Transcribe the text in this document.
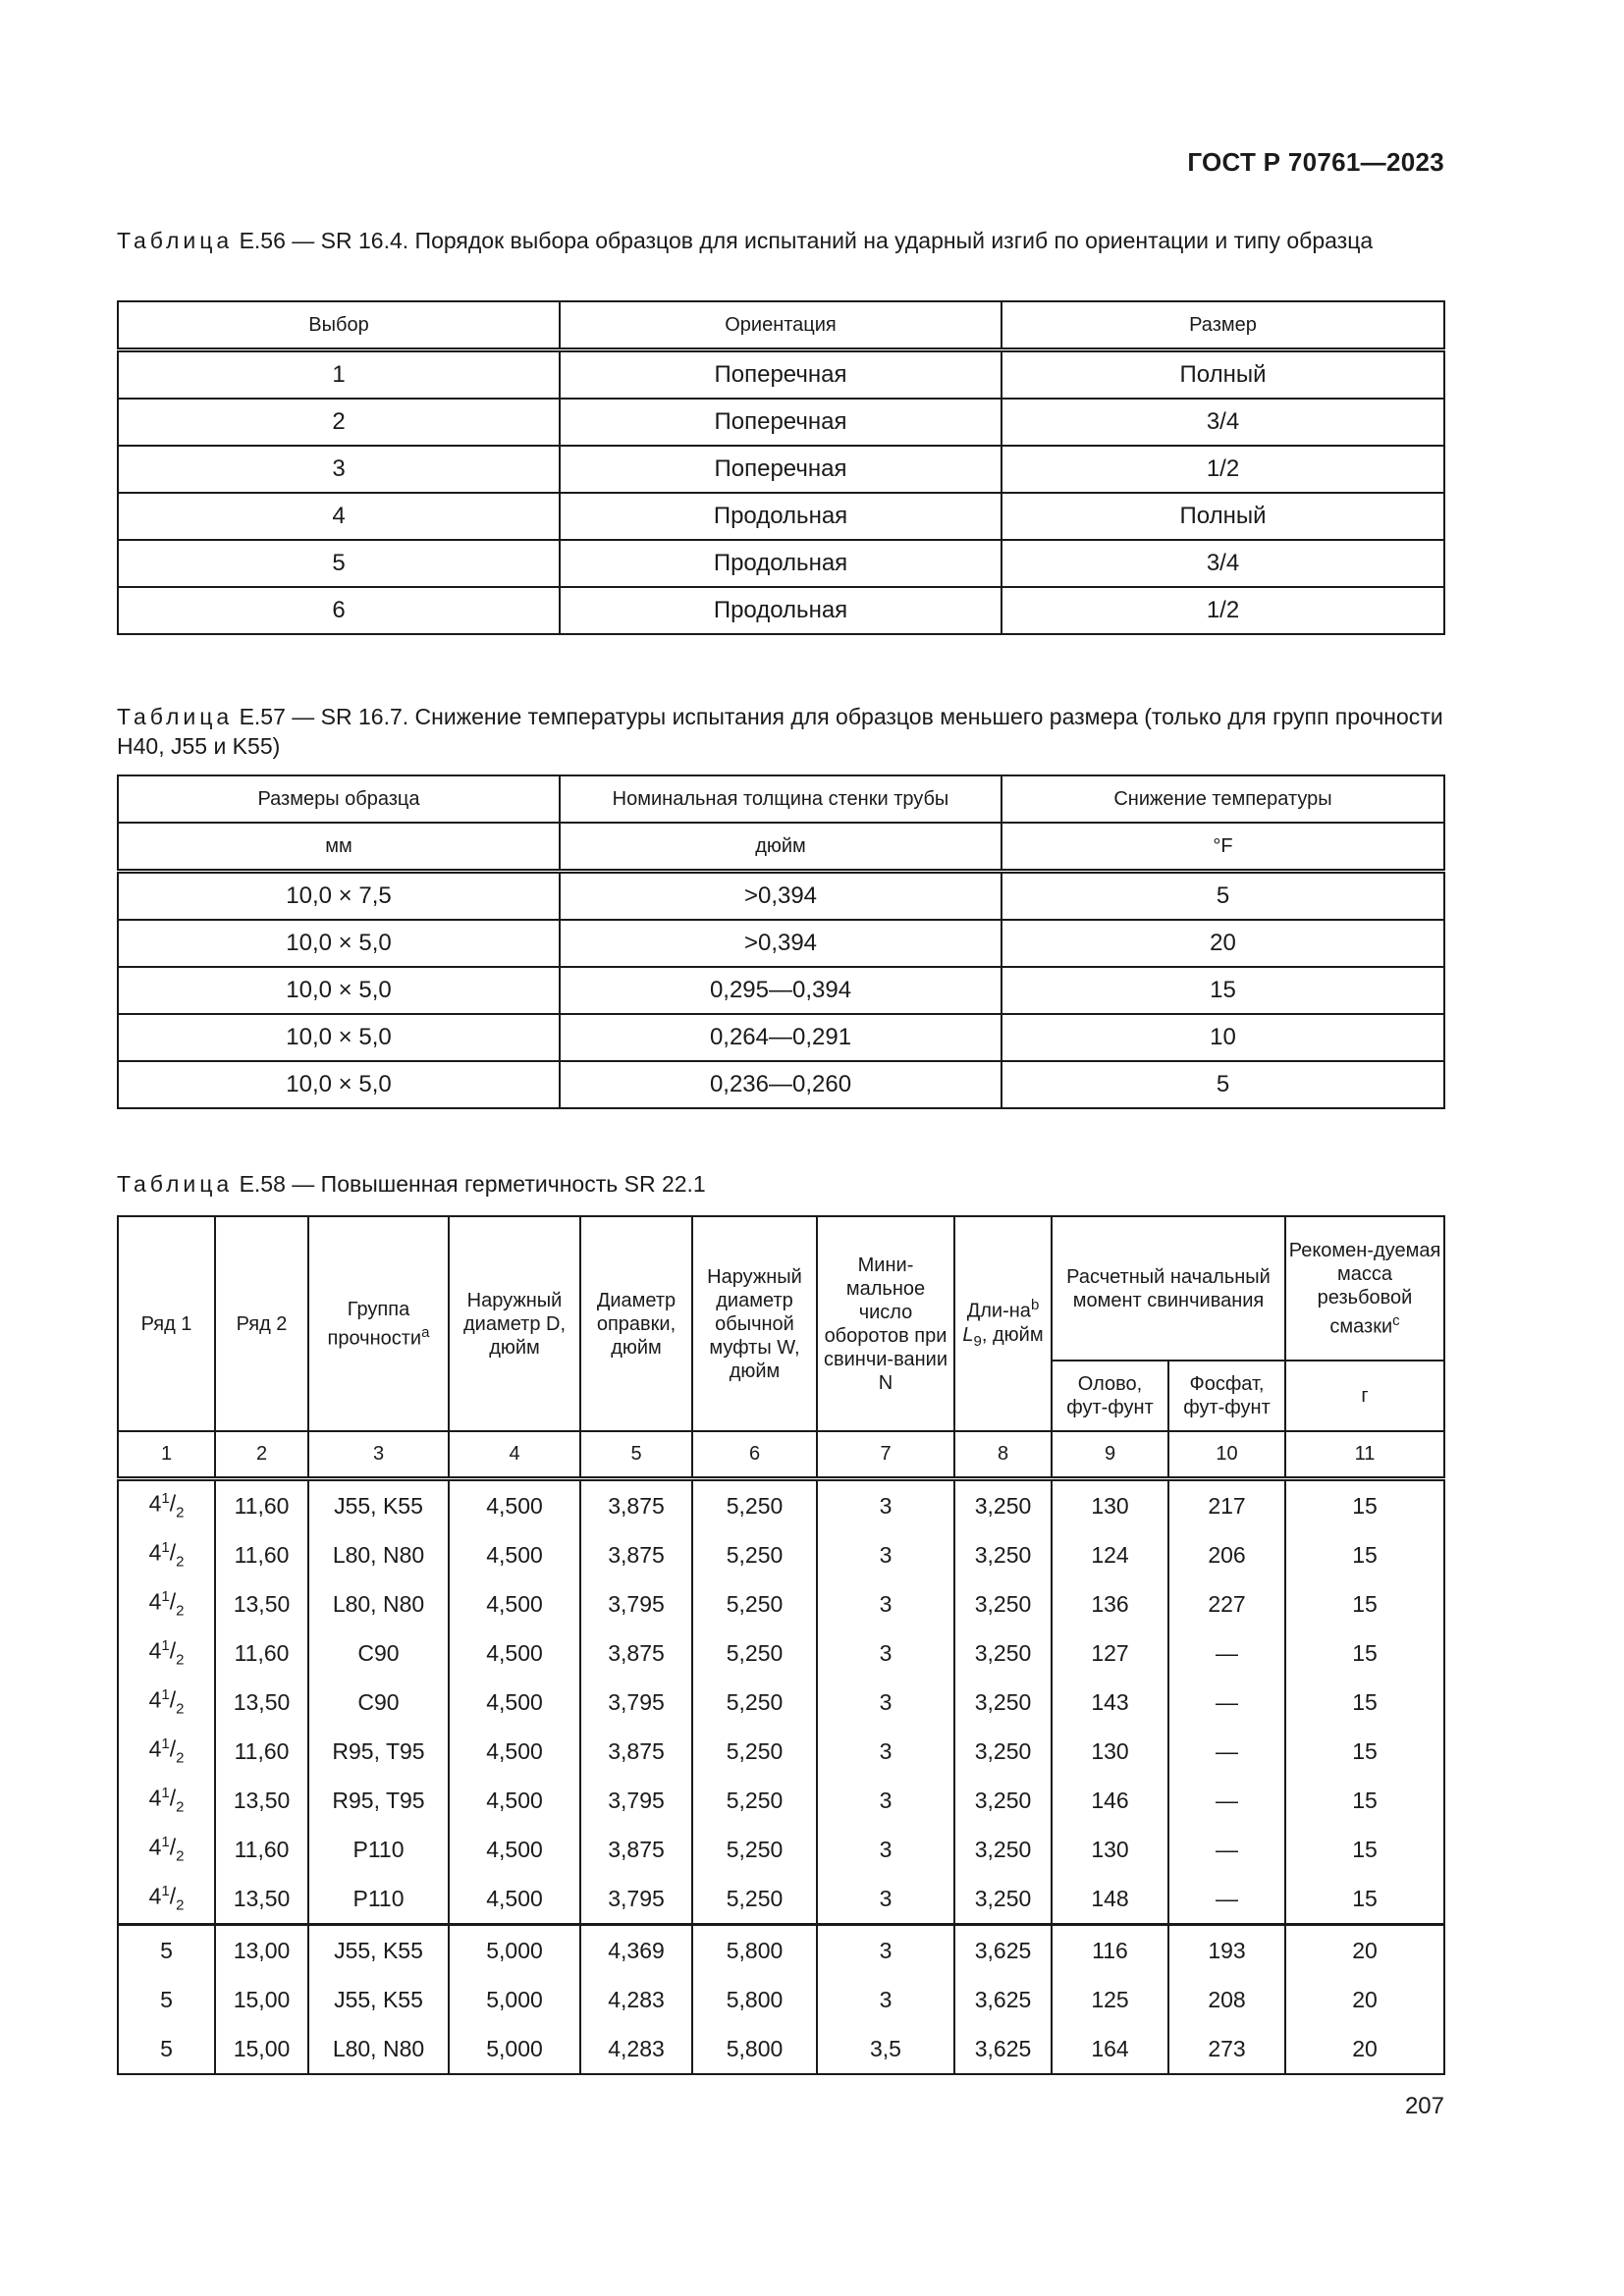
ГОСТ Р 70761—2023
Таблица Е.56 — SR 16.4. Порядок выбора образцов для испытаний на ударный изгиб по ориентации и типу образца
Выбор	Ориентация	Размер
1	Поперечная	Полный
2	Поперечная	3/4
3	Поперечная	1/2
4	Продольная	Полный
5	Продольная	3/4
6	Продольная	1/2
Таблица Е.57 — SR 16.7. Снижение температуры испытания для образцов меньшего размера (только для групп прочности Н40, J55 и K55)
Размеры образца	Номинальная толщина стенки трубы	Снижение температуры
мм	дюйм	°F
10,0 × 7,5	>0,394	5
10,0 × 5,0	>0,394	20
10,0 × 5,0	0,295—0,394	15
10,0 × 5,0	0,264—0,291	10
10,0 × 5,0	0,236—0,260	5
Таблица Е.58 — Повышенная герметичность SR 22.1
Ряд 1	Ряд 2	Группа прочности$^a$	Наружный диаметр D, дюйм	Диаметр оправки, дюйм	Наружный диаметр обычной муфты W, дюйм	Мини-мальное число оборотов при свинчи-вании N	Дли-$на^b$ $L_9$, дюйм	Расчетный начальный момент свинчивания		Рекомен-дуемая масса резьбовой смазки$^c$
								Олово, фут-фунт	Фосфат, фут-фунт	г
1	2	3	4	5	6	7	8	9	10	11
$4^1/_2$	11,60	J55, K55	4,500	3,875	5,250	3	3,250	130	217	15
$4^1/_2$	11,60	L80, N80	4,500	3,875	5,250	3	3,250	124	206	15
$4^1/_2$	13,50	L80, N80	4,500	3,795	5,250	3	3,250	136	227	15
$4^1/_2$	11,60	C90	4,500	3,875	5,250	3	3,250	127	—	15
$4^1/_2$	13,50	C90	4,500	3,795	5,250	3	3,250	143	—	15
$4^1/_2$	11,60	R95, T95	4,500	3,875	5,250	3	3,250	130	—	15
$4^1/_2$	13,50	R95, T95	4,500	3,795	5,250	3	3,250	146	—	15
$4^1/_2$	11,60	P110	4,500	3,875	5,250	3	3,250	130	—	15
$4^1/_2$	13,50	P110	4,500	3,795	5,250	3	3,250	148	—	15
5	13,00	J55, K55	5,000	4,369	5,800	3	3,625	116	193	20
5	15,00	J55, K55	5,000	4,283	5,800	3	3,625	125	208	20
5	15,00	L80, N80	5,000	4,283	5,800	3,5	3,625	164	273	20
207
